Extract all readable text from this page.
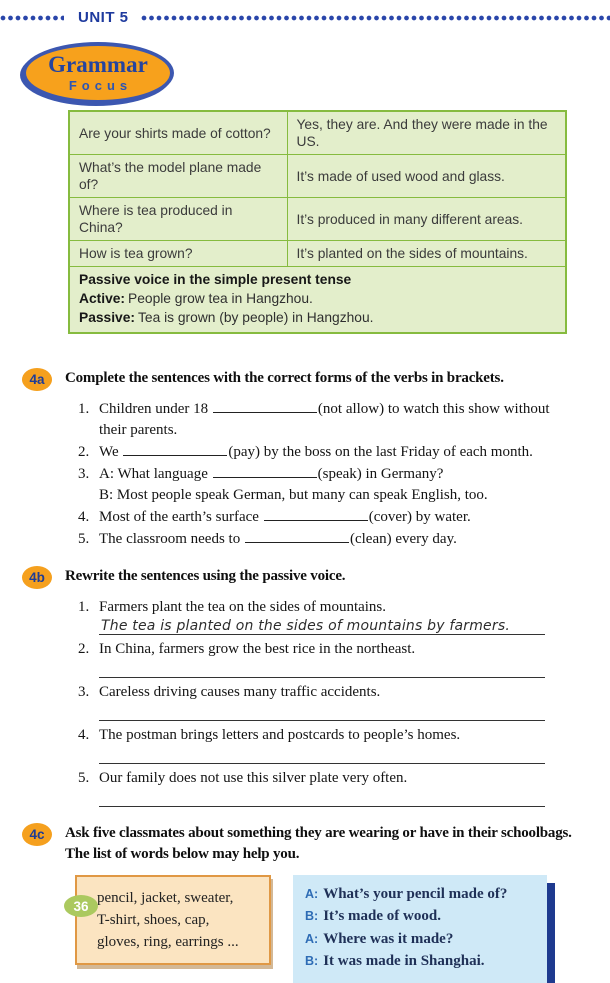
UNIT 5
Grammar
Focus
Are your shirts made of cotton?	Yes, they are. And they were made in the US.
What’s the model plane made of?	It’s made of used wood and glass.
Where is tea produced in China?	It’s produced in many different areas.
How is tea grown?	It’s planted on the sides of mountains.

Passive voice in the simple present tense
Active: People grow tea in Hangzhou.
Passive: Tea is grown (by people) in Hangzhou.	
4a	Complete the sentences with the correct forms of the verbs in brackets.
1. Children under 18	(not allow) to watch this show without
their parents.
2. We	(pay) by the boss on the last Friday of each month.
3. A: What language	(speak) in Germany?
B: Most people speak German, but many can speak English, too.
4. Most of the earth’s surface	(cover) by water.
5. The classroom needs to	(clean) every day.
4b	Rewrite the sentences using the passive voice.
1. Farmers plant the tea on the sides of mountains.
The tea is planted on the sides of mountains by farmers.
2. In China, farmers grow the best rice in the northeast.
3. Careless driving causes many traffic accidents.
4. The postman brings letters and postcards to people’s homes.
5. Our family does not use this silver plate very often.
4c	Ask five classmates about something they are wearing or have in their schoolbags. The list of words below may help you.
pencil, jacket, sweater,
T-shirt, shoes, cap,
gloves, ring, earrings ...
A: What’s your pencil made of?
B: It’s made of wood.
A: Where was it made?
B: It was made in Shanghai.
36
